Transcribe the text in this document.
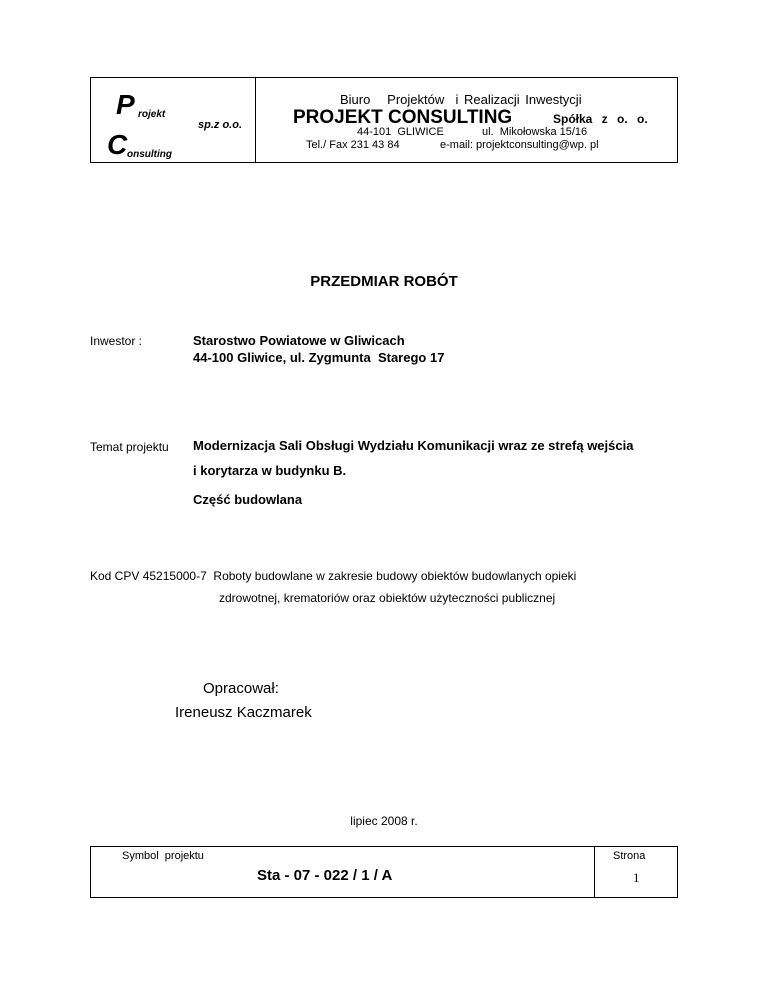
P rojekt
C onsulting
sp.z o.o.
Biuro   Projektów  i Realizacji Inwestycji
PROJEKT CONSULTING	Spółka z o. o.
44-101  GLIWICE	ul.  Mikołowska 15/16
Tel./ Fax 231 43 84	e-mail: projektconsulting@wp. pl
PRZEDMIAR ROBÓT
Inwestor :	Starostwo Powiatowe w Gliwicach
44-100 Gliwice, ul. Zygmunta  Starego 17
Temat projektu Modernizacja Sali Obsługi Wydziału Komunikacji wraz ze strefą wejścia
i korytarza w budynku B.
Część budowlana
Kod CPV 45215000-7  Roboty budowlane w zakresie budowy obiektów budowlanych opieki
zdrowotnej, krematoriów oraz obiektów użyteczności publicznej
Opracował:
Ireneusz Kaczmarek
lipiec 2008 r.
Symbol  projektu
Sta - 07 - 022 / 1 / A
Strona
1
